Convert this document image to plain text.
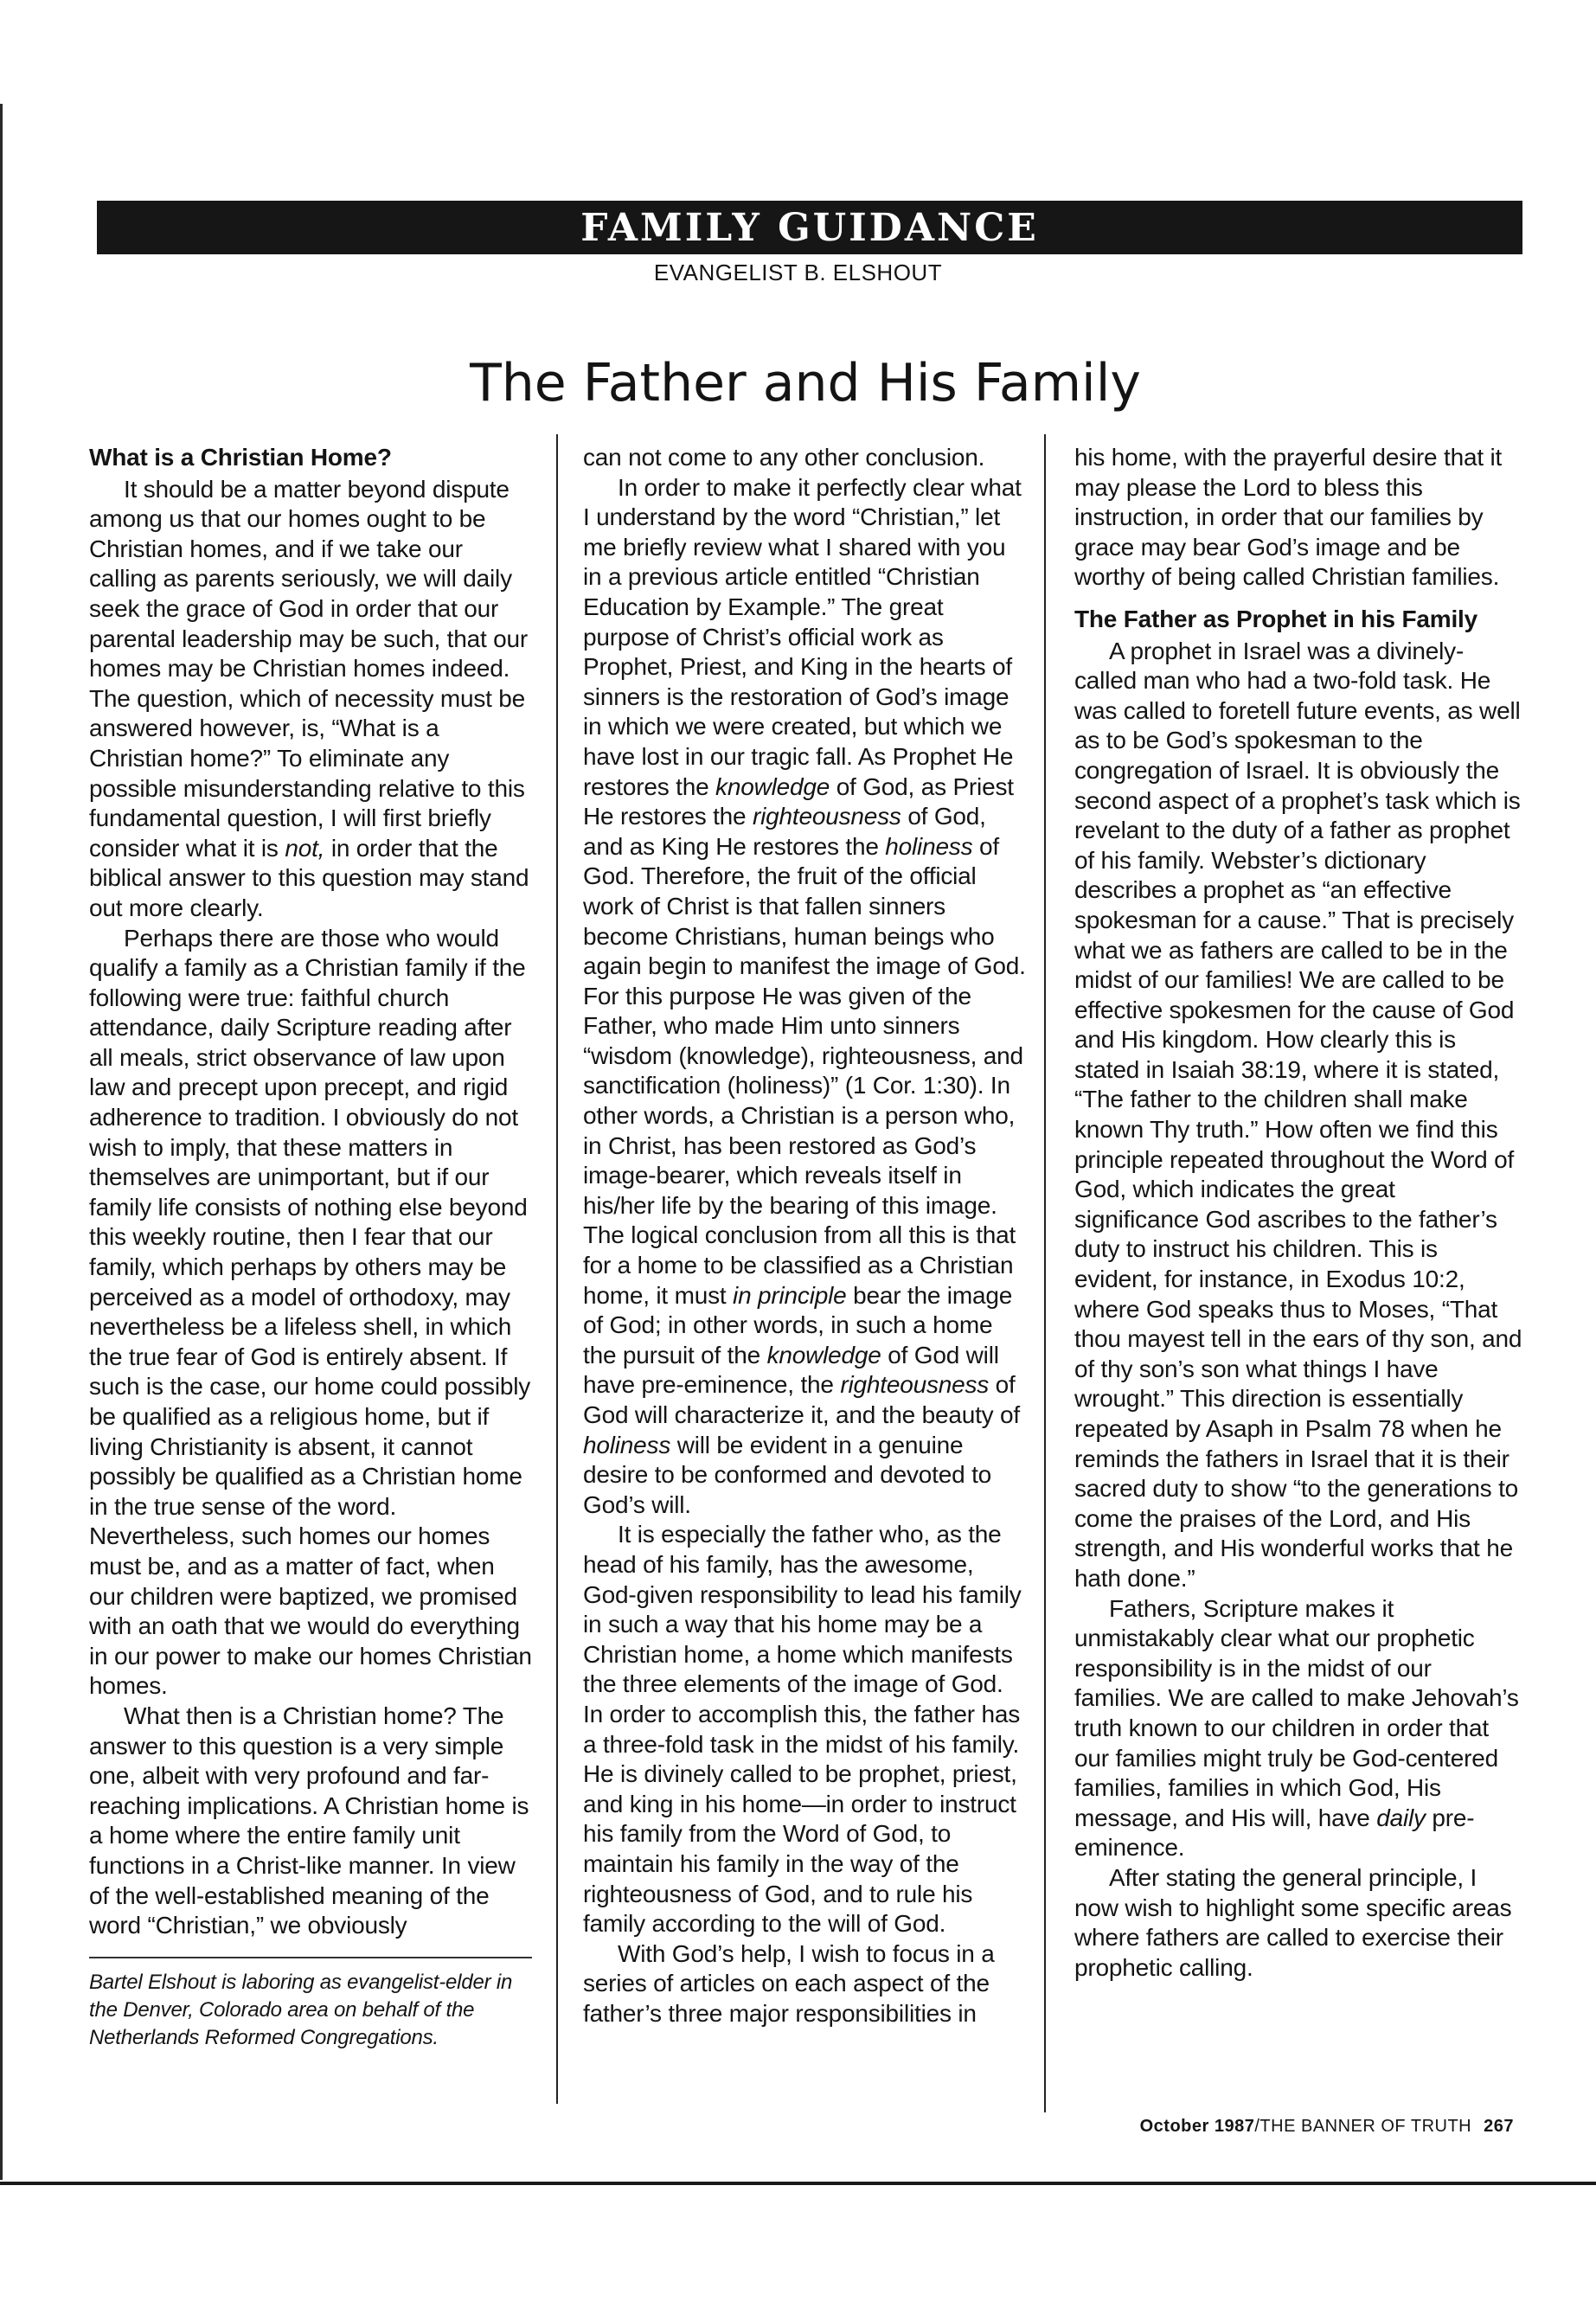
FAMILY GUIDANCE
EVANGELIST B. ELSHOUT
The Father and His Family
What is a Christian Home?

It should be a matter beyond dispute among us that our homes ought to be Christian homes, and if we take our calling as parents seriously, we will daily seek the grace of God in order that our parental leadership may be such, that our homes may be Christian homes indeed. The question, which of necessity must be answered however, is, “What is a Christian home?” To eliminate any possible misunderstanding relative to this fundamental question, I will first briefly consider what it is not, in order that the biblical answer to this question may stand out more clearly.

Perhaps there are those who would qualify a family as a Christian family if the following were true: faithful church attendance, daily Scripture reading after all meals, strict observance of law upon law and precept upon precept, and rigid adherence to tradition. I obviously do not wish to imply, that these matters in themselves are unimportant, but if our family life consists of nothing else beyond this weekly routine, then I fear that our family, which perhaps by others may be perceived as a model of orthodoxy, may nevertheless be a lifeless shell, in which the true fear of God is entirely absent. If such is the case, our home could possibly be qualified as a religious home, but if living Christianity is absent, it cannot possibly be qualified as a Christian home in the true sense of the word. Nevertheless, such homes our homes must be, and as a matter of fact, when our children were baptized, we promised with an oath that we would do everything in our power to make our homes Christian homes.

What then is a Christian home? The answer to this question is a very simple one, albeit with very profound and far-reaching implications. A Christian home is a home where the entire family unit functions in a Christ-like manner. In view of the well-established meaning of the word “Christian,” we obviously

Bartel Elshout is laboring as evangelist-elder in the Denver, Colorado area on behalf of the Netherlands Reformed Congregations.

can not come to any other conclusion.

In order to make it perfectly clear what I understand by the word “Christian,” let me briefly review what I shared with you in a previous article entitled “Christian Education by Example.” The great purpose of Christ’s official work as Prophet, Priest, and King in the hearts of sinners is the restoration of God’s image in which we were created, but which we have lost in our tragic fall. As Prophet He restores the knowledge of God, as Priest He restores the righteousness of God, and as King He restores the holiness of God. Therefore, the fruit of the official work of Christ is that fallen sinners become Christians, human beings who again begin to manifest the image of God. For this purpose He was given of the Father, who made Him unto sinners “wisdom (knowledge), righteousness, and sanctification (holiness)” (1 Cor. 1:30). In other words, a Christian is a person who, in Christ, has been restored as God’s image-bearer, which reveals itself in his/her life by the bearing of this image. The logical conclusion from all this is that for a home to be classified as a Christian home, it must in principle bear the image of God; in other words, in such a home the pursuit of the knowledge of God will have pre-eminence, the righteousness of God will characterize it, and the beauty of holiness will be evident in a genuine desire to be conformed and devoted to God’s will.

It is especially the father who, as the head of his family, has the awesome, God-given responsibility to lead his family in such a way that his home may be a Christian home, a home which manifests the three elements of the image of God. In order to accomplish this, the father has a three-fold task in the midst of his family. He is divinely called to be prophet, priest, and king in his home—in order to instruct his family from the Word of God, to maintain his family in the way of the righteousness of God, and to rule his family according to the will of God.

With God’s help, I wish to focus in a series of articles on each aspect of the father’s three major responsibilities in

his home, with the prayerful desire that it may please the Lord to bless this instruction, in order that our families by grace may bear God’s image and be worthy of being called Christian families.

The Father as Prophet in his Family

A prophet in Israel was a divinely-called man who had a two-fold task. He was called to foretell future events, as well as to be God’s spokesman to the congregation of Israel. It is obviously the second aspect of a prophet’s task which is revelant to the duty of a father as prophet of his family. Webster’s dictionary describes a prophet as “an effective spokesman for a cause.” That is precisely what we as fathers are called to be in the midst of our families! We are called to be effective spokesmen for the cause of God and His kingdom. How clearly this is stated in Isaiah 38:19, where it is stated, “The father to the children shall make known Thy truth.” How often we find this principle repeated throughout the Word of God, which indicates the great significance God ascribes to the father’s duty to instruct his children. This is evident, for instance, in Exodus 10:2, where God speaks thus to Moses, “That thou mayest tell in the ears of thy son, and of thy son’s son what things I have wrought.” This direction is essentially repeated by Asaph in Psalm 78 when he reminds the fathers in Israel that it is their sacred duty to show “to the generations to come the praises of the Lord, and His strength, and His wonderful works that he hath done.”

Fathers, Scripture makes it unmistakably clear what our prophetic responsibility is in the midst of our families. We are called to make Jehovah’s truth known to our children in order that our families might truly be God-centered families, families in which God, His message, and His will, have daily pre-eminence.

After stating the general principle, I now wish to highlight some specific areas where fathers are called to exercise their prophetic calling.

October 1987/THE BANNER OF TRUTH 267
